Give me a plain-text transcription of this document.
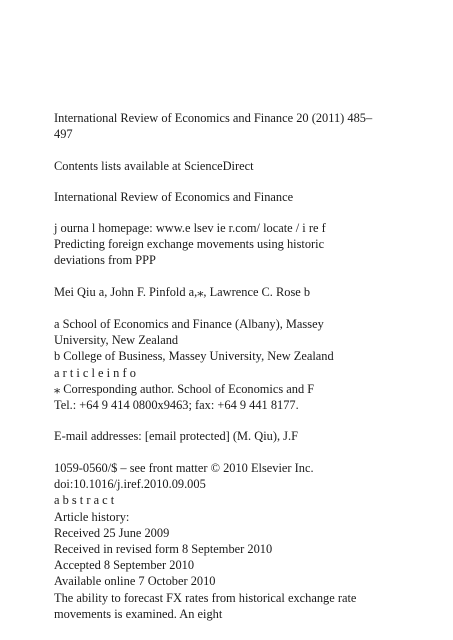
International Review of Economics and Finance 20 (2011) 485–
497
Contents lists available at ScienceDirect
International Review of Economics and Finance
j ourna l homepage: www.e lsev ie r.com/ locate / i re f
Predicting foreign exchange movements using historic
deviations from PPP
Mei Qiu a, John F. Pinfold a,⁎, Lawrence C. Rose b
a School of Economics and Finance (Albany), Massey
University, New Zealand
b College of Business, Massey University, New Zealand
a r t i c l e i n f o
⁎ Corresponding author. School of Economics and F
Tel.: +64 9 414 0800x9463; fax: +64 9 441 8177.
E-mail addresses: [email protected] (M. Qiu), J.F
1059-0560/$ – see front matter © 2010 Elsevier Inc.
doi:10.1016/j.iref.2010.09.005
a b s t r a c t
Article history:
Received 25 June 2009
Received in revised form 8 September 2010
Accepted 8 September 2010
Available online 7 October 2010
The ability to forecast FX rates from historical exchange rate
movements is examined. An eight
